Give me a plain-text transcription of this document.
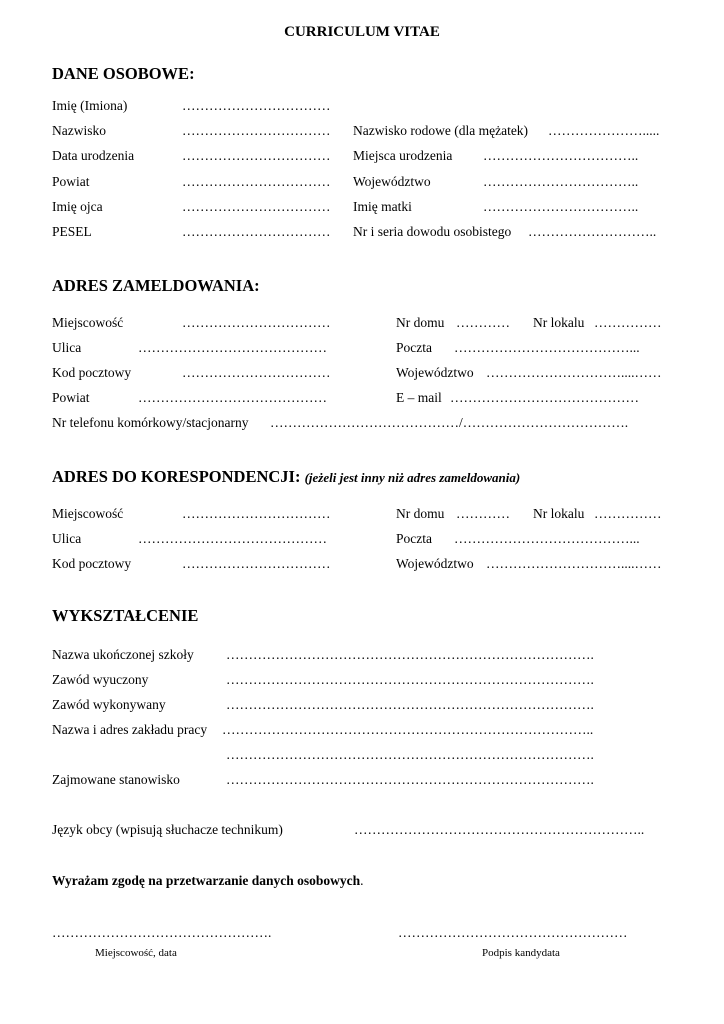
CURRICULUM VITAE
DANE OSOBOWE:
Imię (Imiona)	……………………………
Nazwisko	…………………………… Nazwisko rodowe (dla mężatek) ………………….....
Data urodzenia	…………………………… Miejsca urodzenia ……………………………..
Powiat	…………………………… Województwo	……………………………..
Imię ojca	…………………………… Imię matki	……………………………..
PESEL	…………………………… Nr i seria dowodu osobistego ………………………..
ADRES ZAMELDOWANIA:
Miejscowość	……………………………	Nr domu ………… Nr lokalu ……………
Ulica	……………………………………	Poczta …………………………………...
Kod pocztowy	……………………………	Województwo …………………………....……
Powiat	……………………………………	E – mail ……………………………………
Nr telefonu komórkowy/stacjonarny ……………………………………/……………………………….
ADRES DO KORESPONDENCJI: (jeżeli jest inny niż adres zameldowania)
Miejscowość	……………………………	Nr domu ………… Nr lokalu ……………
Ulica	……………………………………	Poczta …………………………………...
Kod pocztowy	……………………………	Województwo …………………………....……
WYKSZTAŁCENIE
Nazwa ukończonej szkoły ……………………………………………………………………….
Zawód wyuczony	……………………………………………………………………….
Zawód wykonywany	……………………………………………………………………….
Nazwa i adres zakładu pracy ………………………………………………………………………..
……………………………………………………………………….
Zajmowane stanowisko	……………………………………………………………………….
Język obcy (wpisują słuchacze technikum)	………………………………………………………..
Wyrażam zgodę na przetwarzanie danych osobowych.
………………………………………….	……………………………………………
Miejscowość, data	Podpis kandydata
